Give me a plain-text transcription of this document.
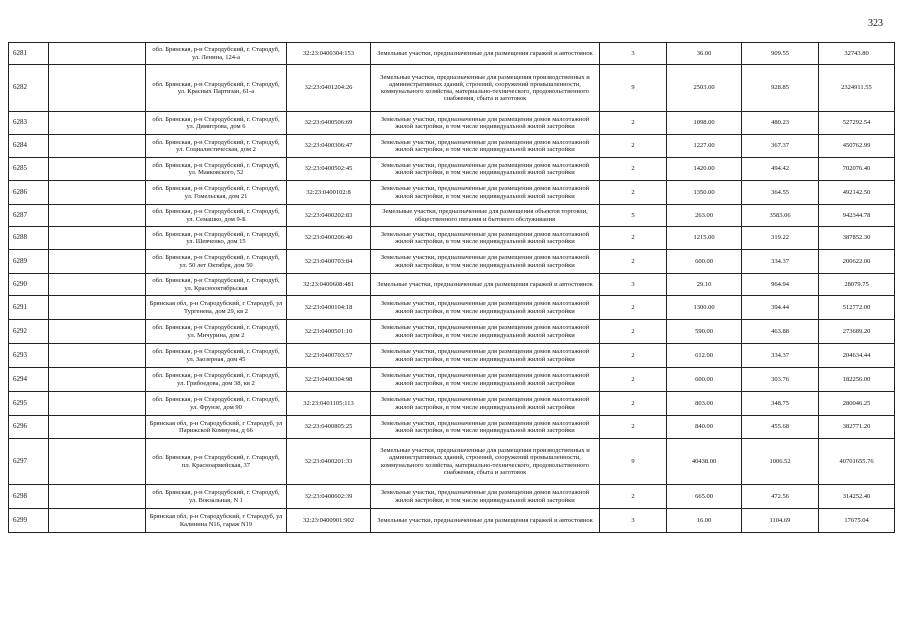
323
6281		обл. Брянская, р-н Стародубский, г. Стародуб, ул. Ленина, 124-а	32:23:0400304:153	Земельные участки, предназначенные для размещения гаражей и автостоянок	3	36.00	909.55	32743.80
6282		обл. Брянская, р-н Стародубский, г. Стародуб, ул. Красных Партизан, 61-а	32:23:0401204:26	Земельные участки, предназначенные для размещения производственных и административных зданий, строений, сооружений промышленности, коммунального хозяйства, материально-технического, продовольственного снабжения, сбыта и заготовок	9	2503.00	928.85	2324911.55
6283		обл. Брянская, р-н Стародубский, г. Стародуб, ул. Димитрова, дом 6	32:23:0400506:69	Земельные участки, предназначенные для размещения домов малоэтажной жилой застройки, в том числе индивидуальной жилой застройки	2	1098.00	480.23	527292.54
6284		обл. Брянская, р-н Стародубский, г. Стародуб, ул. Социалистическая, дом 2	32:23:0400306:47	Земельные участки, предназначенные для размещения домов малоэтажной жилой застройки, в том числе индивидуальной жилой застройки	2	1227.00	367.37	450762.99
6285		обл. Брянская, р-н Стародубский, г. Стародуб, ул. Маяковского, 52	32:23:0400502:45	Земельные участки, предназначенные для размещения домов малоэтажной жилой застройки, в том числе индивидуальной жилой застройки	2	1420.00	494.42	702076.40
6286		обл. Брянская, р-н Стародубский, г. Стародуб, ул. Гомельская, дом 21	32:23:0400102:8	Земельные участки, предназначенные для размещения домов малоэтажной жилой застройки, в том числе индивидуальной жилой застройки	2	1350.00	364.55	492142.50
6287		обл. Брянская, р-н Стародубский, г. Стародуб, ул. Семашко, дом 9-Б	32:23:0400202:83	Земельные участки, предназначенные для размещения объектов торговли, общественного питания и бытового обслуживания	5	263.00	3583.06	942344.78
6288		обл. Брянская, р-н Стародубский, г. Стародуб, ул. Шевченко, дом 15	32:23:0400206:40	Земельные участки, предназначенные для размещения домов малоэтажной жилой застройки, в том числе индивидуальной жилой застройки	2	1215.00	319.22	387852.30
6289		обл. Брянская, р-н Стародубский, г. Стародуб, ул. 50 лет Октября, дом 50	32:23:0400703:84	Земельные участки, предназначенные для размещения домов малоэтажной жилой застройки, в том числе индивидуальной жилой застройки	2	600.00	334.37	200622.00
6290		обл. Брянская, р-н Стародубский, г. Стародуб, ул. Краснооктябрьская	32:23:0400608:481	Земельные участки, предназначенные для размещения гаражей и автостоянок	3	29.10	964.94	28079.75
6291		Брянская обл, р-н Стародубский, г Стародуб, ул Тургенева, дом 29, кв 2	32:23:0400104:18	Земельные участки, предназначенные для размещения домов малоэтажной жилой застройки, в том числе индивидуальной жилой застройки	2	1300.00	394.44	512772.00
6292		обл. Брянская, р-н Стародубский, г. Стародуб, ул. Мичурина, дом 2	32:23:0400501:10	Земельные участки, предназначенные для размещения домов малоэтажной жилой застройки, в том числе индивидуальной жилой застройки	2	590.00	463.88	273689.20
6293		обл. Брянская, р-н Стародубский, г. Стародуб, ул. Заозерная, дом 45	32:23:0400703:57	Земельные участки, предназначенные для размещения домов малоэтажной жилой застройки, в том числе индивидуальной жилой застройки	2	612.00	334.37	204634.44
6294		обл. Брянская, р-н Стародубский, г. Стародуб, ул. Грибоедова, дом 38, кв 2	32:23:0400304:98	Земельные участки, предназначенные для размещения домов малоэтажной жилой застройки, в том числе индивидуальной жилой застройки	2	600.00	303.76	182256.00
6295		обл. Брянская, р-н Стародубский, г. Стародуб, ул. Фрунзе, дом 90	32:23:0401105:113	Земельные участки, предназначенные для размещения домов малоэтажной жилой застройки, в том числе индивидуальной жилой застройки	2	803.00	348.75	280046.25
6296		Брянская обл, р-н Стародубский, г Стародуб, ул Парижской Коммуны, д 66	32:23:0400805:25	Земельные участки, предназначенные для размещения домов малоэтажной жилой застройки, в том числе индивидуальной жилой застройки	2	840.00	455.68	382771.20
6297		обл. Брянская, р-н Стародубский, г. Стародуб, пл. Красноармейская, 37	32:23:0400201:33	Земельные участки, предназначенные для размещения производственных и административных зданий, строений, сооружений промышленности, коммунального хозяйства, материально-технического, продовольственного снабжения, сбыта и заготовок	9	40438.00	1006.52	40701655.76
6298		обл. Брянская, р-н Стародубский, г. Стародуб, ул. Вокзальная, N 1	32:23:0400602:39	Земельные участки, предназначенные для размещения домов малоэтажной жилой застройки, в том числе индивидуальной жилой застройки	2	665.00	472.56	314252.40
6299		Брянская обл, р-н Стародубский, г Стародуб, ул Калинина N16, гараж N19	32:23:0400901:902	Земельные участки, предназначенные для размещения гаражей и автостоянок	3	16.00	1104.69	17675.04
